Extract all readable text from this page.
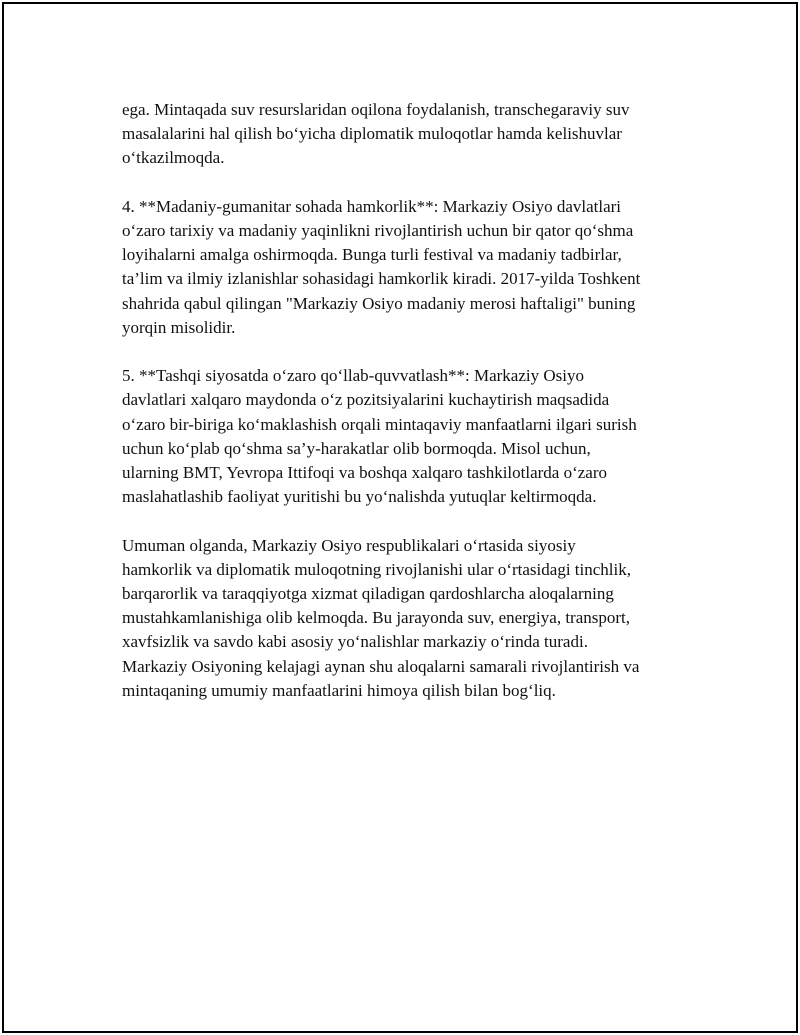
ega. Mintaqada suv resurslaridan oqilona foydalanish, transchegaraviy suv
masalalarini hal qilish boʻyicha diplomatik muloqotlar hamda kelishuvlar
oʻtkazilmoqda.

4. **Madaniy-gumanitar sohada hamkorlik**: Markaziy Osiyo davlatlari
oʻzaro tarixiy va madaniy yaqinlikni rivojlantirish uchun bir qator qoʻshma
loyihalarni amalga oshirmoqda. Bunga turli festival va madaniy tadbirlar,
ta’lim va ilmiy izlanishlar sohasidagi hamkorlik kiradi. 2017-yilda Toshkent
shahrida qabul qilingan "Markaziy Osiyo madaniy merosi haftaligi" buning
yorqin misolidir.

5. **Tashqi siyosatda oʻzaro qoʻllab-quvvatlash**: Markaziy Osiyo
davlatlari xalqaro maydonda oʻz pozitsiyalarini kuchaytirish maqsadida
oʻzaro bir-biriga koʻmaklashish orqali mintaqaviy manfaatlarni ilgari surish
uchun koʻplab qoʻshma sa’y-harakatlar olib bormoqda. Misol uchun,
ularning BMT, Yevropa Ittifoqi va boshqa xalqaro tashkilotlarda oʻzaro
maslahatlashib faoliyat yuritishi bu yoʻnalishda yutuqlar keltirmoqda.

Umuman olganda, Markaziy Osiyo respublikalari oʻrtasida siyosiy
hamkorlik va diplomatik muloqotning rivojlanishi ular oʻrtasidagi tinchlik,
barqarorlik va taraqqiyotga xizmat qiladigan qardoshlarcha aloqalarning
mustahkamlanishiga olib kelmoqda. Bu jarayonda suv, energiya, transport,
xavfsizlik va savdo kabi asosiy yoʻnalishlar markaziy oʻrinda turadi.
Markaziy Osiyoning kelajagi aynan shu aloqalarni samarali rivojlantirish va
mintaqaning umumiy manfaatlarini himoya qilish bilan bogʻliq.
